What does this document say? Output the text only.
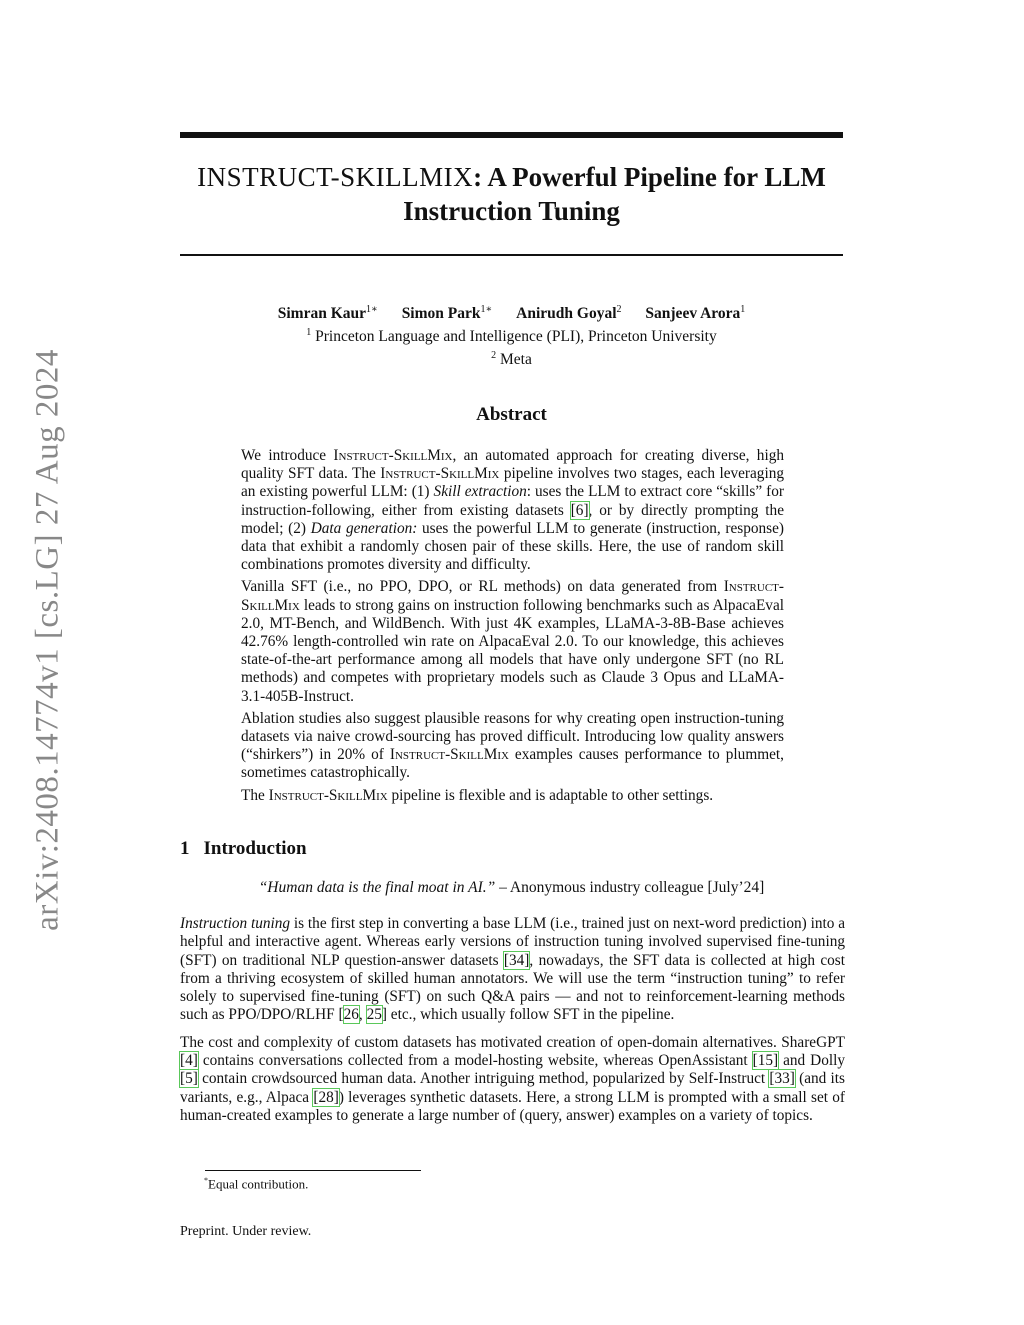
arXiv:2408.14774v1 [cs.LG] 27 Aug 2024
INSTRUCT-SKILLMIX: A Powerful Pipeline for LLM
Instruction Tuning
Simran Kaur$^{1∗}$ Simon Park$^{1∗}$ Anirudh Goyal$^2$ Sanjeev Arora$^1$
$^1$ Princeton Language and Intelligence (PLI), Princeton University
$^2$ Meta
Abstract

We introduce Instruct-SkillMix, an automated approach for creating diverse, high quality SFT data. The Instruct-SkillMix pipeline involves two stages, each leveraging an existing powerful LLM: (1) Skill extraction: uses the LLM to extract core “skills” for instruction-following, either from existing datasets [6], or by directly prompting the model; (2) Data generation: uses the powerful LLM to generate (instruction, response) data that exhibit a randomly chosen pair of these skills. Here, the use of random skill combinations promotes diversity and difficulty.

Vanilla SFT (i.e., no PPO, DPO, or RL methods) on data generated from Instruct-SkillMix leads to strong gains on instruction following benchmarks such as AlpacaEval 2.0, MT-Bench, and WildBench. With just 4K examples, LLaMA-3-8B-Base achieves 42.76% length-controlled win rate on AlpacaEval 2.0. To our knowledge, this achieves state-of-the-art performance among all models that have only undergone SFT (no RL methods) and competes with proprietary models such as Claude 3 Opus and LLaMA-3.1-405B-Instruct.

Ablation studies also suggest plausible reasons for why creating open instruction-tuning datasets via naive crowd-sourcing has proved difficult. Introducing low quality answers (“shirkers”) in 20% of Instruct-SkillMix examples causes performance to plummet, sometimes catastrophically.

The Instruct-SkillMix pipeline is flexible and is adaptable to other settings.

1 Introduction
“Human data is the final moat in AI.” – Anonymous industry colleague [July’24]

Instruction tuning is the first step in converting a base LLM (i.e., trained just on next-word prediction) into a helpful and interactive agent. Whereas early versions of instruction tuning involved supervised fine-tuning (SFT) on traditional NLP question-answer datasets [34], nowadays, the SFT data is collected at high cost from a thriving ecosystem of skilled human annotators. We will use the term “instruction tuning” to refer solely to supervised fine-tuning (SFT) on such Q&A pairs — and not to reinforcement-learning methods such as PPO/DPO/RLHF [26, 25] etc., which usually follow SFT in the pipeline.

The cost and complexity of custom datasets has motivated creation of open-domain alternatives. ShareGPT [4] contains conversations collected from a model-hosting website, whereas OpenAssistant [15] and Dolly [5] contain crowdsourced human data. Another intriguing method, popularized by Self-Instruct [33] (and its variants, e.g., Alpaca [28]) leverages synthetic datasets. Here, a strong LLM is prompted with a small set of human-created examples to generate a large number of (query, answer) examples on a variety of topics.

*Equal contribution.
Preprint. Under review.
